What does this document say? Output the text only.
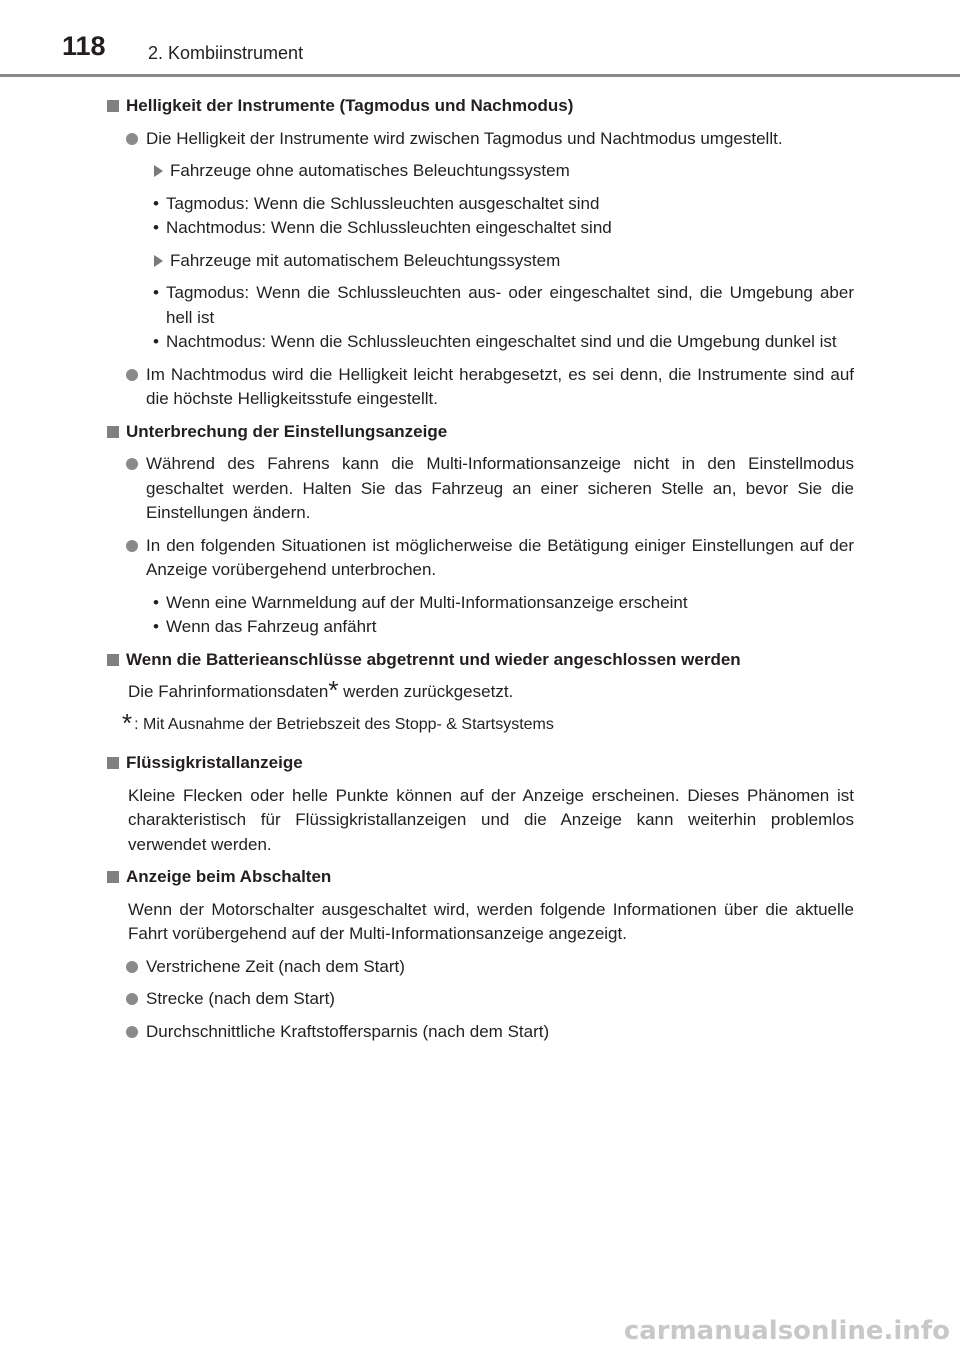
118 2. Kombiinstrument
Helligkeit der Instrumente (Tagmodus und Nachmodus)
Die Helligkeit der Instrumente wird zwischen Tagmodus und Nachtmodus umgestellt.
Fahrzeuge ohne automatisches Beleuchtungssystem
• Tagmodus: Wenn die Schlussleuchten ausgeschaltet sind
• Nachtmodus: Wenn die Schlussleuchten eingeschaltet sind
Fahrzeuge mit automatischem Beleuchtungssystem
• Tagmodus: Wenn die Schlussleuchten aus- oder eingeschaltet sind, die Umgebung aber hell ist
• Nachtmodus: Wenn die Schlussleuchten eingeschaltet sind und die Umgebung dunkel ist
Im Nachtmodus wird die Helligkeit leicht herabgesetzt, es sei denn, die Instrumente sind auf die höchste Helligkeitsstufe eingestellt.
Unterbrechung der Einstellungsanzeige
Während des Fahrens kann die Multi-Informationsanzeige nicht in den Einstellmodus geschaltet werden. Halten Sie das Fahrzeug an einer sicheren Stelle an, bevor Sie die Einstellungen ändern.
In den folgenden Situationen ist möglicherweise die Betätigung einiger Einstellungen auf der Anzeige vorübergehend unterbrochen.
• Wenn eine Warnmeldung auf der Multi-Informationsanzeige erscheint
• Wenn das Fahrzeug anfährt
Wenn die Batterieanschlüsse abgetrennt und wieder angeschlossen werden
Die Fahrinformationsdaten* werden zurückgesetzt.
* : Mit Ausnahme der Betriebszeit des Stopp- & Startsystems
Flüssigkristallanzeige
Kleine Flecken oder helle Punkte können auf der Anzeige erscheinen. Dieses Phänomen ist charakteristisch für Flüssigkristallanzeigen und die Anzeige kann weiterhin problemlos verwendet werden.
Anzeige beim Abschalten
Wenn der Motorschalter ausgeschaltet wird, werden folgende Informationen über die aktuelle Fahrt vorübergehend auf der Multi-Informationsanzeige angezeigt.
Verstrichene Zeit (nach dem Start)
Strecke (nach dem Start)
Durchschnittliche Kraftstoffersparnis (nach dem Start)
carmanualsonline.info
